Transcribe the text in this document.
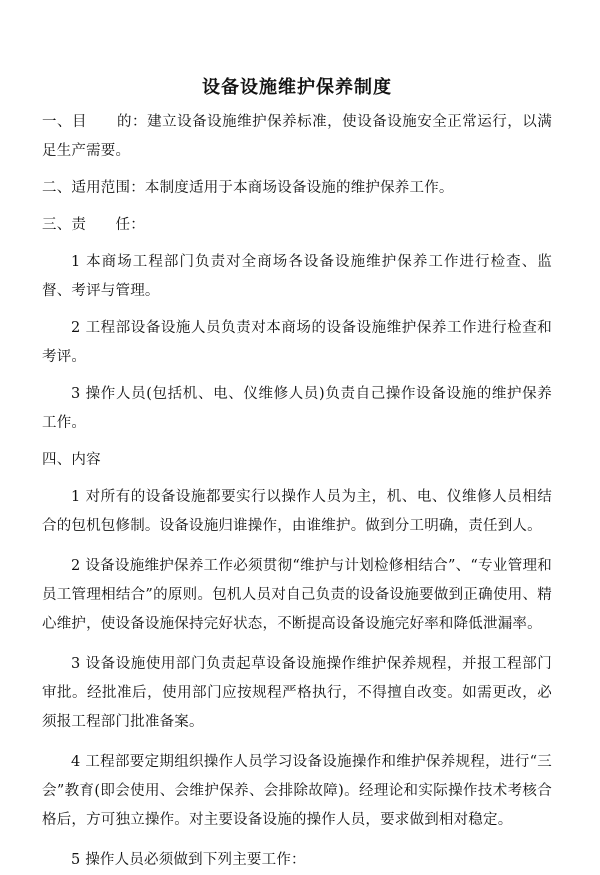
设备设施维护保养制度

一、目　　的：建立设备设施维护保养标准，使设备设施安全正常运行，以满足生产需要。

二、适用范围：本制度适用于本商场设备设施的维护保养工作。

三、责　　任：

1 本商场工程部门负责对全商场各设备设施维护保养工作进行检查、监督、考评与管理。

2 工程部设备设施人员负责对本商场的设备设施维护保养工作进行检查和考评。

3 操作人员(包括机、电、仪维修人员)负责自己操作设备设施的维护保养工作。

四、内容

1 对所有的设备设施都要实行以操作人员为主，机、电、仪维修人员相结合的包机包修制。设备设施归谁操作，由谁维护。做到分工明确，责任到人。

2 设备设施维护保养工作必须贯彻“维护与计划检修相结合”、“专业管理和员工管理相结合”的原则。包机人员对自己负责的设备设施要做到正确使用、精心维护，使设备设施保持完好状态，不断提高设备设施完好率和降低泄漏率。

3 设备设施使用部门负责起草设备设施操作维护保养规程，并报工程部门审批。经批准后，使用部门应按规程严格执行，不得擅自改变。如需更改，必须报工程部门批准备案。

4 工程部要定期组织操作人员学习设备设施操作和维护保养规程，进行“三会”教育(即会使用、会维护保养、会排除故障)。经理论和实际操作技术考核合格后，方可独立操作。对主要设备设施的操作人员，要求做到相对稳定。

5 操作人员必须做到下列主要工作：
